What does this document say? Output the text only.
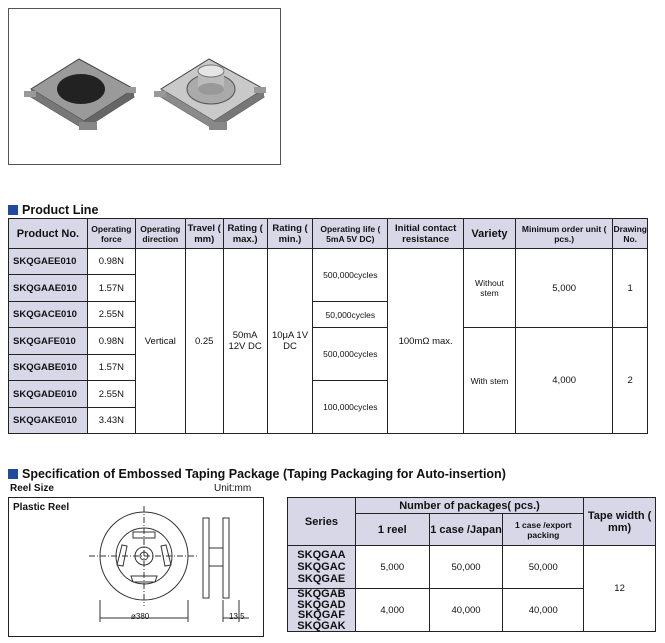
Product Line
Product No.	Operating force	Operating direction	Travel ( mm)	Rating ( max.)	Rating ( min.)	Operating life ( 5mA 5V DC)	Initial contact resistance	Variety	Minimum order unit ( pcs.)	Drawing No.
SKQGAEE010	0.98N	Vertical	0.25	50mA 12V DC	10μA 1V DC	500,000cycles	100mΩ max.	Without stem	5,000	1
SKQGAAE010	1.57N									
SKQGACE010	2.55N					50,000cycles				
SKQGAFE010	0.98N					500,000cycles		With stem	4,000	2
SKQGABE010	1.57N									
SKQGADE010	2.55N					100,000cycles				
SKQGAKE010	3.43N									
Specification of Embossed Taping Package (Taping Packaging for Auto-insertion)
Reel Size	Unit:mm
Plastic Reel
ø380	13.5
Series	Number of packages( pcs.)			Tape width ( mm)
	1 reel	1 case /Japan	1 case /export packing	

SKQGAA
SKQGAC
SKQGAE	5,000	50,000	50,000	12

SKQGAB
SKQGAD
SKQGAF
SKQGAK	4,000	40,000	40,000	
